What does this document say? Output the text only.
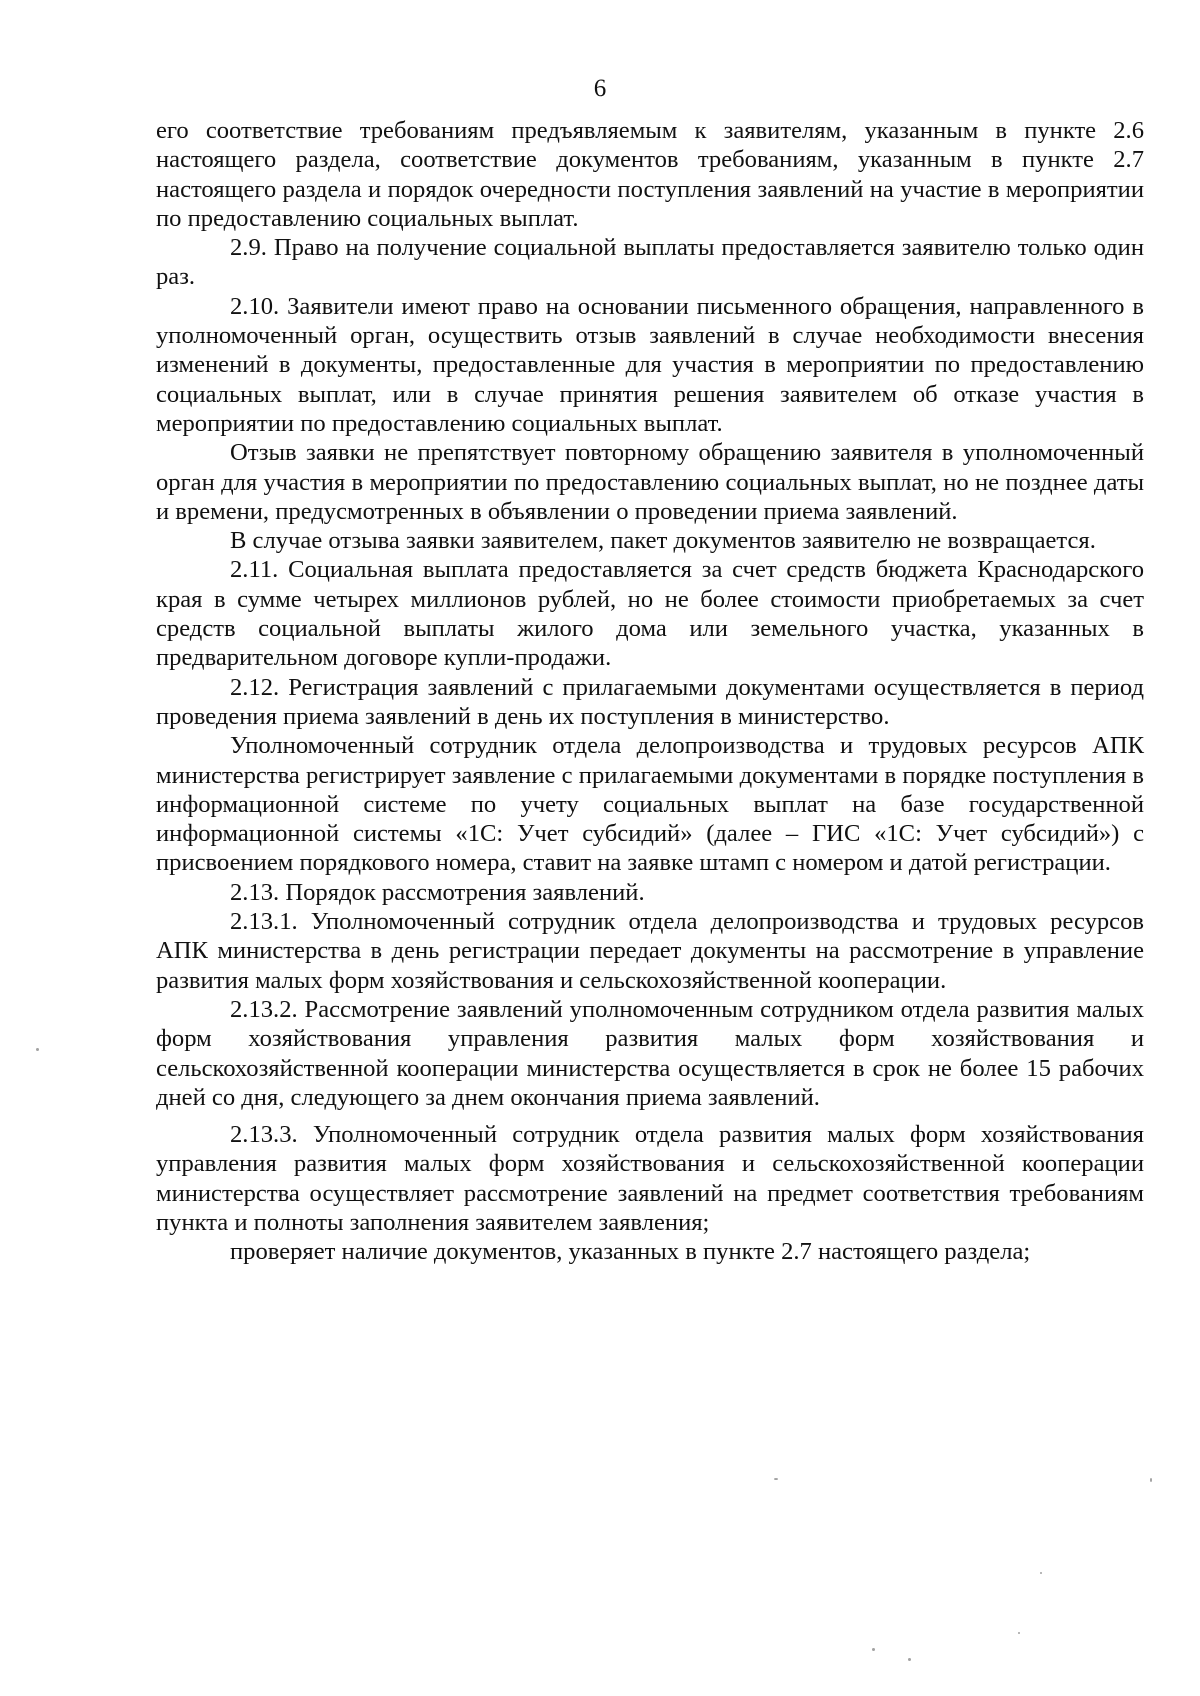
6

его соответствие требованиям предъявляемым к заявителям, указанным в пункте 2.6 настоящего раздела, соответствие документов требованиям, указанным в пункте 2.7 настоящего раздела и порядок очередности поступления заявлений на участие в мероприятии по предоставлению социальных выплат.

2.9. Право на получение социальной выплаты предоставляется заявителю только один раз.

2.10. Заявители имеют право на основании письменного обращения, направленного в уполномоченный орган, осуществить отзыв заявлений в случае необходимости внесения изменений в документы, предоставленные для участия в мероприятии по предоставлению социальных выплат, или в случае принятия решения заявителем об отказе участия в мероприятии по предоставлению социальных выплат.

Отзыв заявки не препятствует повторному обращению заявителя в уполномоченный орган для участия в мероприятии по предоставлению социальных выплат, но не позднее даты и времени, предусмотренных в объявлении о проведении приема заявлений.

В случае отзыва заявки заявителем, пакет документов заявителю не возвращается.

2.11. Социальная выплата предоставляется за счет средств бюджета Краснодарского края в сумме четырех миллионов рублей, но не более стоимости приобретаемых за счет средств социальной выплаты жилого дома или земельного участка, указанных в предварительном договоре купли-продажи.

2.12. Регистрация заявлений с прилагаемыми документами осуществляется в период проведения приема заявлений в день их поступления в министерство.

Уполномоченный сотрудник отдела делопроизводства и трудовых ресурсов АПК министерства регистрирует заявление с прилагаемыми документами в порядке поступления в информационной системе по учету социальных выплат на базе государственной информационной системы «1С: Учет субсидий» (далее – ГИС «1С: Учет субсидий») с присвоением порядкового номера, ставит на заявке штамп с номером и датой регистрации.

2.13. Порядок рассмотрения заявлений.

2.13.1. Уполномоченный сотрудник отдела делопроизводства и трудовых ресурсов АПК министерства в день регистрации передает документы на рассмотрение в управление развития малых форм хозяйствования и сельскохозяйственной кооперации.

2.13.2. Рассмотрение заявлений уполномоченным сотрудником отдела развития малых форм хозяйствования управления развития малых форм хозяйствования и сельскохозяйственной кооперации министерства осуществляется в срок не более 15 рабочих дней со дня, следующего за днем окончания приема заявлений.

2.13.3. Уполномоченный сотрудник отдела развития малых форм хозяйствования управления развития малых форм хозяйствования и сельскохозяйственной кооперации министерства осуществляет рассмотрение заявлений на предмет соответствия требованиям пункта и полноты заполнения заявителем заявления;

проверяет наличие документов, указанных в пункте 2.7 настоящего раздела;
